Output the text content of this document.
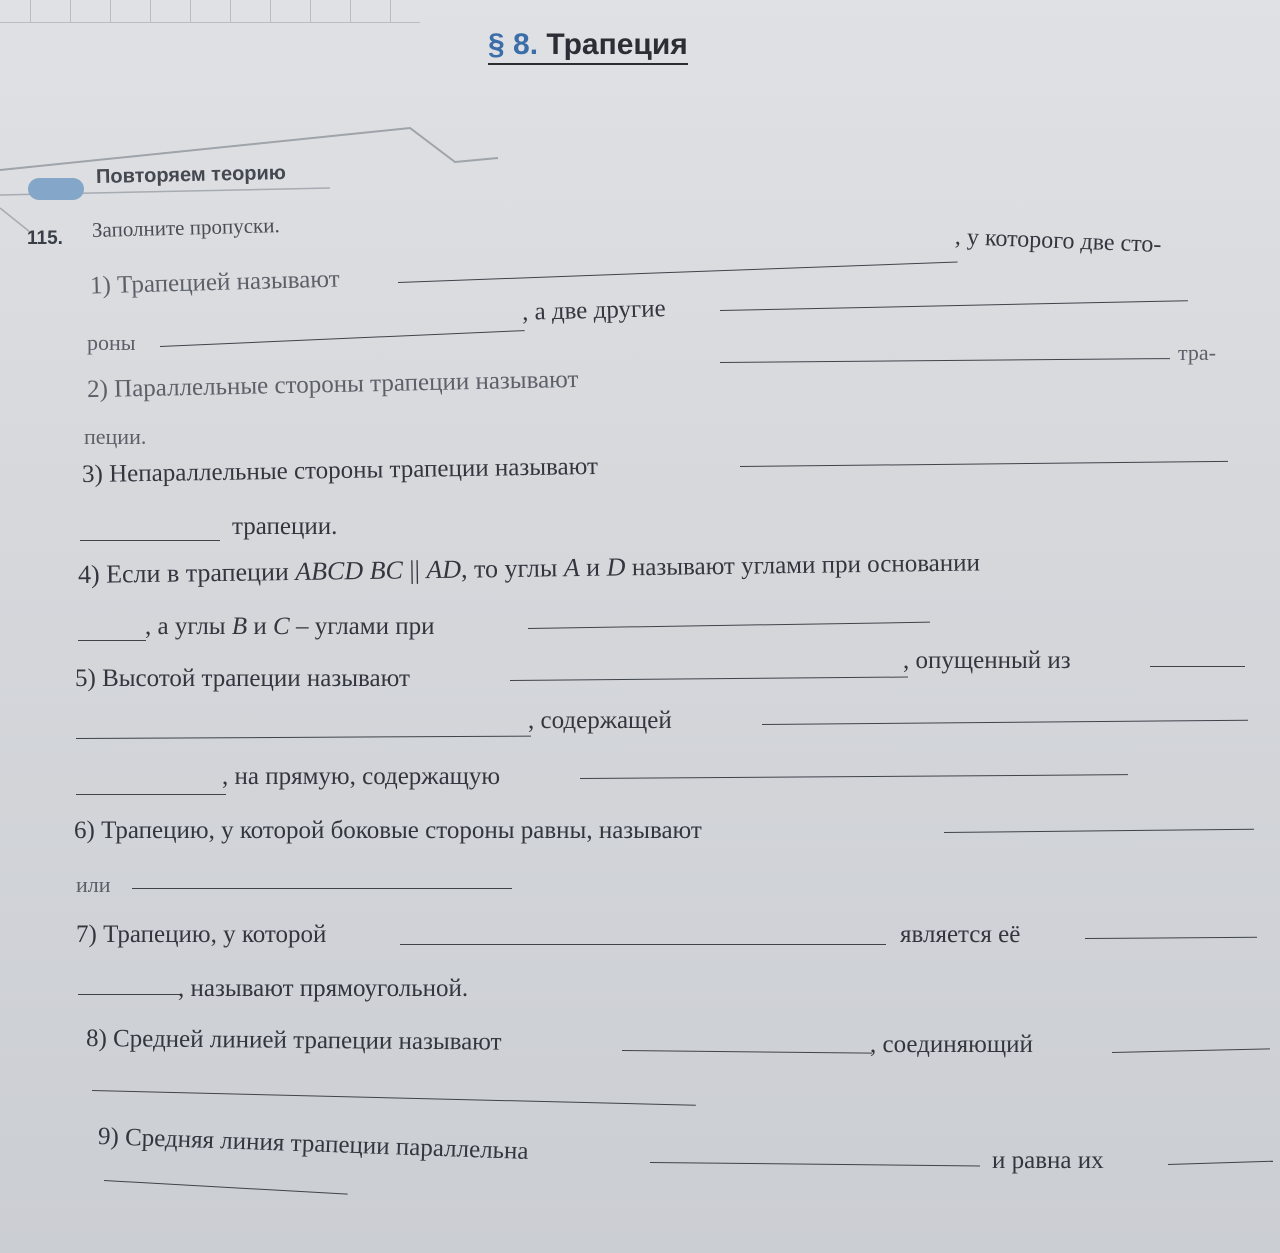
§ 8. Трапеция
Повторяем теорию
115. Заполните пропуски.
1) Трапецией называют
, у которого две сто-
роны
, а две другие
2) Параллельные стороны трапеции называют
тра-
пеции.
3) Непараллельные стороны трапеции называют
трапеции.
4) Если в трапеции ABCD BC || AD, то углы A и D называют углами при основании
, а углы B и C – углами при
5) Высотой трапеции называют
, опущенный из
, содержащей
, на прямую, содержащую
6) Трапецию, у которой боковые стороны равны, называют
или
7) Трапецию, у которой	является её
, называют прямоугольной.
8) Средней линией трапеции называют	, соединяющий
9) Средняя линия трапеции параллельна	и равна их
